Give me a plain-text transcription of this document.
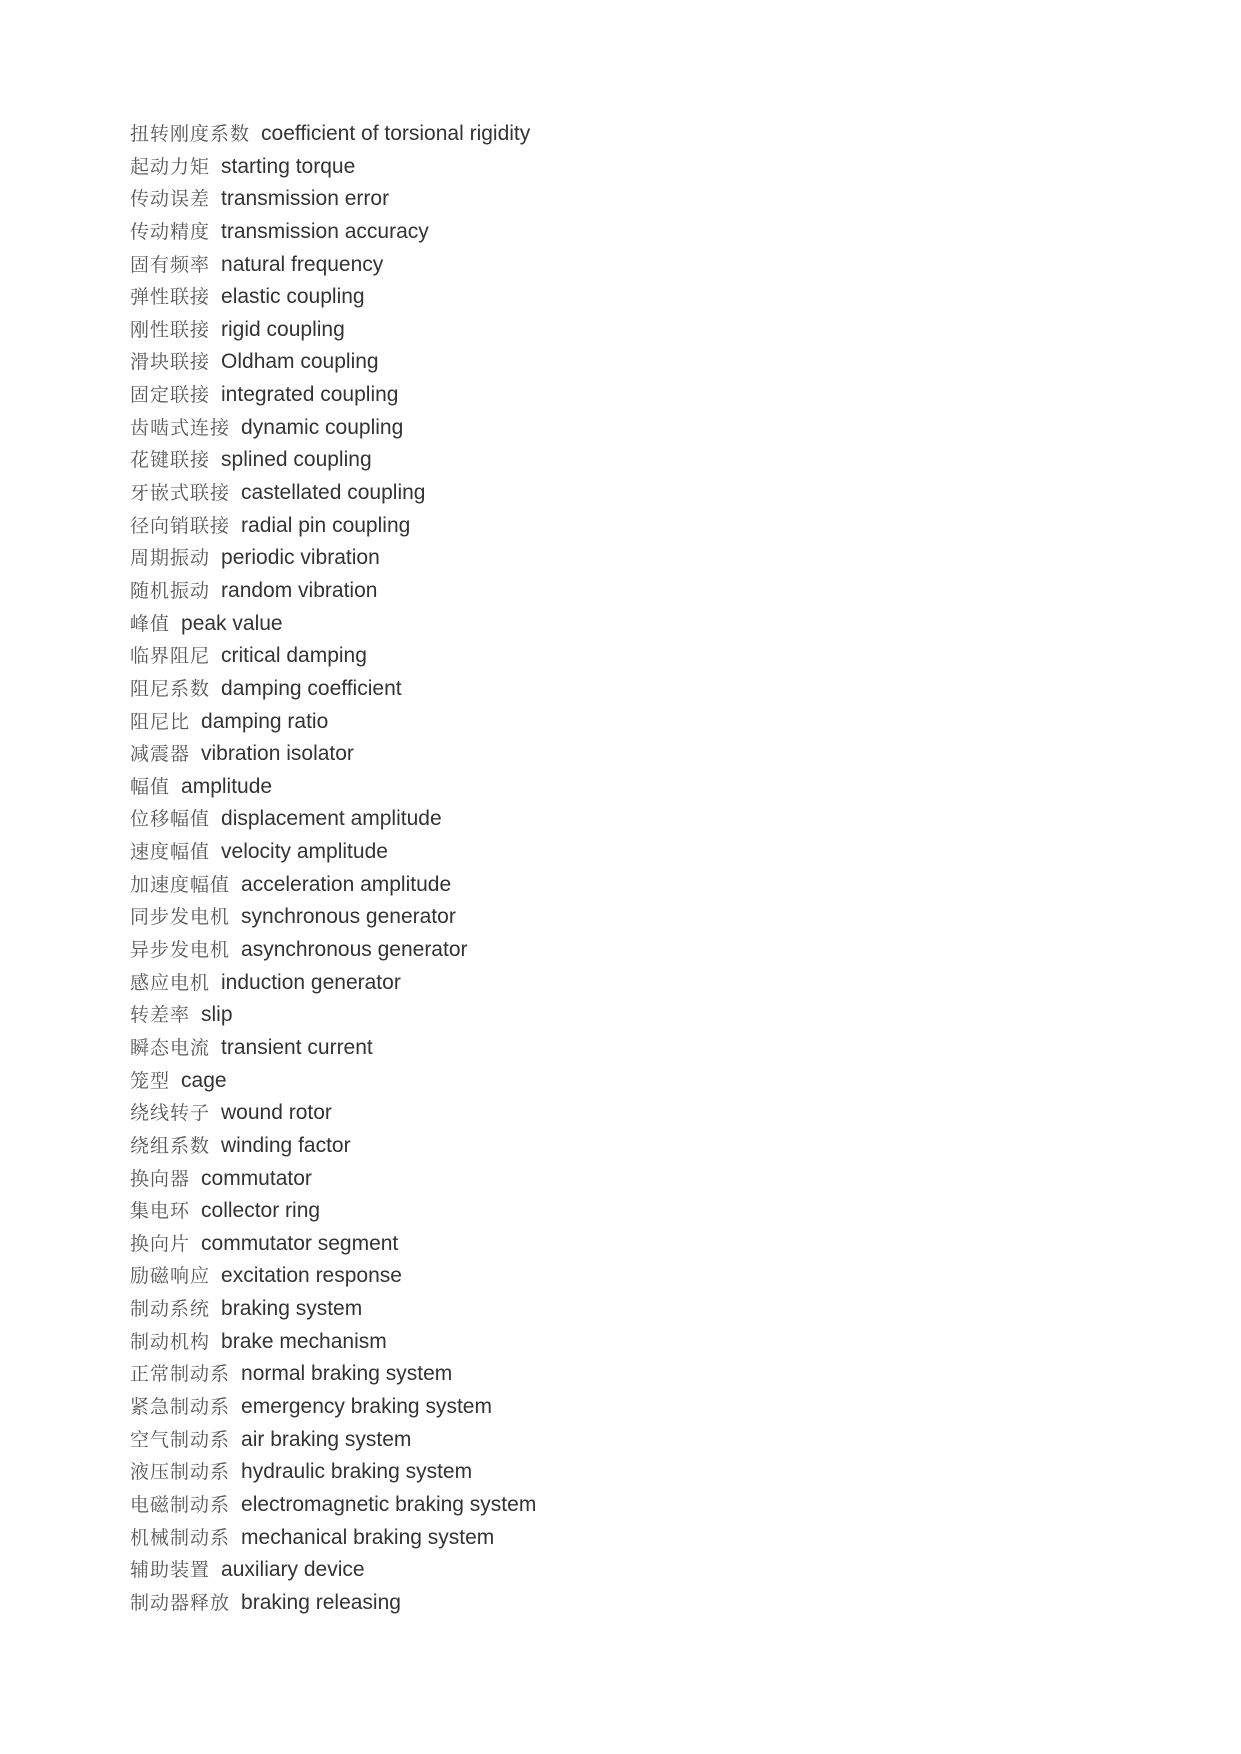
扭转刚度系数 coefficient of torsional rigidity
起动力矩 starting torque
传动误差 transmission error
传动精度 transmission accuracy
固有频率 natural frequency
弹性联接 elastic coupling
刚性联接 rigid coupling
滑块联接 Oldham coupling
固定联接 integrated coupling
齿啮式连接 dynamic coupling
花键联接 splined coupling
牙嵌式联接 castellated coupling
径向销联接 radial pin coupling
周期振动 periodic vibration
随机振动 random vibration
峰值 peak value
临界阻尼 critical damping
阻尼系数 damping coefficient
阻尼比 damping ratio
减震器 vibration isolator
幅值 amplitude
位移幅值 displacement amplitude
速度幅值 velocity amplitude
加速度幅值 acceleration amplitude
同步发电机 synchronous generator
异步发电机 asynchronous generator
感应电机 induction generator
转差率 slip
瞬态电流 transient current
笼型 cage
绕线转子 wound rotor
绕组系数 winding factor
换向器 commutator
集电环 collector ring
换向片 commutator segment
励磁响应 excitation response
制动系统 braking system
制动机构 brake mechanism
正常制动系 normal braking system
紧急制动系 emergency braking system
空气制动系 air braking system
液压制动系 hydraulic braking system
电磁制动系 electromagnetic braking system
机械制动系 mechanical braking system
辅助装置 auxiliary device
制动器释放 braking releasing
